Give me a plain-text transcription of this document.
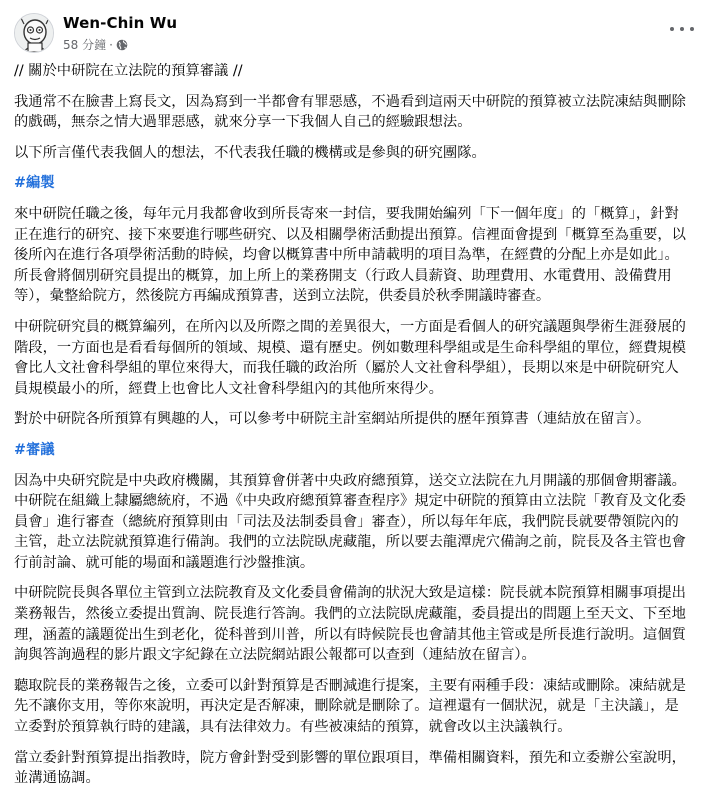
Wen-Chin Wu
58 分鐘 ·

// 關於中研院在立法院的預算審議 //

我通常不在臉書上寫長文，因為寫到一半都會有罪惡感，不過看到這兩天中研院的預算被立法院凍結與刪除的戲碼，無奈之情大過罪惡感，就來分享一下我個人自己的經驗跟想法。

以下所言僅代表我個人的想法，不代表我任職的機構或是參與的研究團隊。

#編製

來中研院任職之後，每年元月我都會收到所長寄來一封信，要我開始編列「下一個年度」的「概算」，針對正在進行的研究、接下來要進行哪些研究、以及相關學術活動提出預算。信裡面會提到「概算至為重要，以後所內在進行各項學術活動的時候，均會以概算書中所申請載明的項目為準，在經費的分配上亦是如此」。所長會將個別研究員提出的概算，加上所上的業務開支（行政人員薪資、助理費用、水電費用、設備費用等），彙整給院方，然後院方再編成預算書，送到立法院，供委員於秋季開議時審查。

中研院研究員的概算編列，在所內以及所際之間的差異很大，一方面是看個人的研究議題與學術生涯發展的階段，一方面也是看看每個所的領域、規模、還有歷史。例如數理科學組或是生命科學組的單位，經費規模會比人文社會科學組的單位來得大，而我任職的政治所（屬於人文社會科學組），長期以來是中研院研究人員規模最小的所，經費上也會比人文社會科學組內的其他所來得少。

對於中研院各所預算有興趣的人，可以參考中研院主計室網站所提供的歷年預算書（連結放在留言）。

#審議

因為中央研究院是中央政府機關，其預算會併著中央政府總預算，送交立法院在九月開議的那個會期審議。中研院在組織上隸屬總統府，不過《中央政府總預算審查程序》規定中研院的預算由立法院「教育及文化委員會」進行審查（總統府預算則由「司法及法制委員會」審查），所以每年年底，我們院長就要帶領院內的主管，赴立法院就預算進行備詢。我們的立法院臥虎藏龍，所以要去龍潭虎穴備詢之前，院長及各主管也會行前討論、就可能的場面和議題進行沙盤推演。

中研院院長與各單位主管到立法院教育及文化委員會備詢的狀況大致是這樣：院長就本院預算相關事項提出業務報告，然後立委提出質詢、院長進行答詢。我們的立法院臥虎藏龍，委員提出的問題上至天文、下至地理，涵蓋的議題從出生到老化，從科普到川普，所以有時候院長也會請其他主管或是所長進行說明。這個質詢與答詢過程的影片跟文字紀錄在立法院網站跟公報都可以查到（連結放在留言）。

聽取院長的業務報告之後，立委可以針對預算是否刪減進行提案，主要有兩種手段：凍結或刪除。凍結就是先不讓你支用，等你來說明，再決定是否解凍，刪除就是刪除了。這裡還有一個狀況，就是「主決議」，是立委對於預算執行時的建議，具有法律效力。有些被凍結的預算，就會改以主決議執行。

當立委針對預算提出指教時，院方會針對受到影響的單位跟項目，準備相關資料，預先和立委辦公室說明，並溝通協調。
